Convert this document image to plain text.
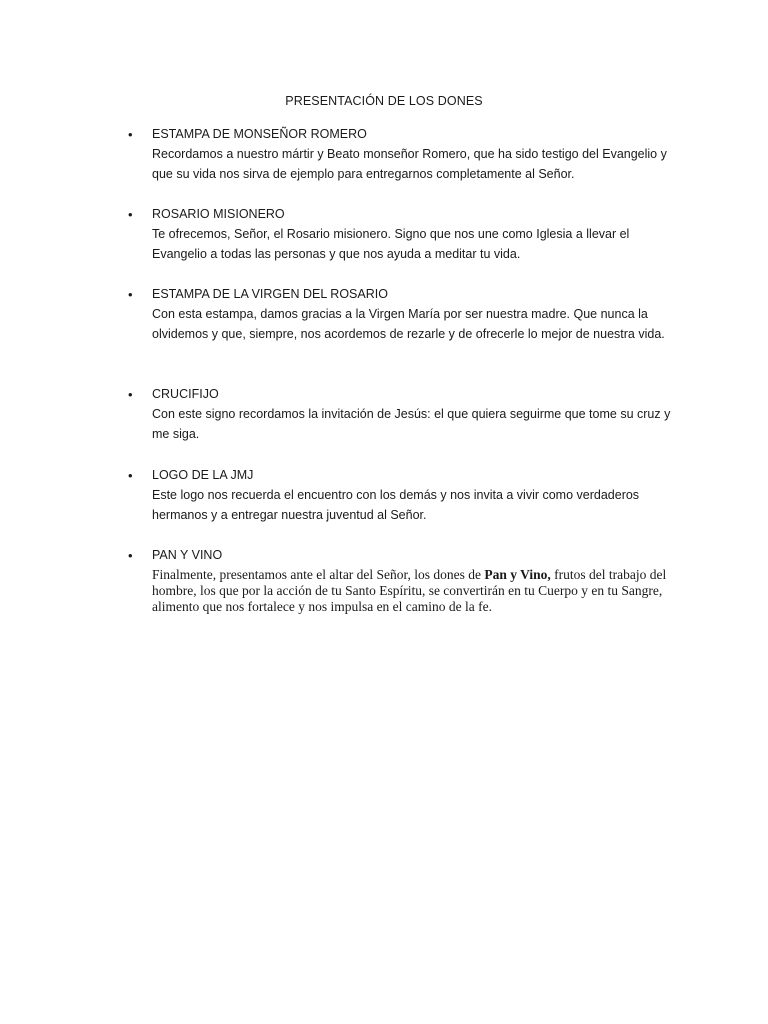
PRESENTACIÓN DE LOS DONES
•	ESTAMPA DE MONSEÑOR ROMERO
Recordamos a nuestro mártir y Beato monseñor Romero, que ha sido testigo del Evangelio y que su vida nos sirva de ejemplo para entregarnos completamente al Señor.
•	ROSARIO MISIONERO
Te ofrecemos, Señor, el Rosario misionero. Signo que nos une como Iglesia a llevar el Evangelio a todas las personas y que nos ayuda a meditar tu vida.
•	ESTAMPA DE LA VIRGEN DEL ROSARIO
Con esta estampa, damos gracias a la Virgen María por ser nuestra madre. Que nunca la olvidemos y que, siempre, nos acordemos de rezarle y de ofrecerle lo mejor de nuestra vida.
•	CRUCIFIJO
Con este signo recordamos la invitación de Jesús: el que quiera seguirme que tome su cruz y me siga.
•	LOGO DE LA JMJ
Este logo nos recuerda el encuentro con los demás y nos invita a vivir como verdaderos hermanos y a entregar nuestra juventud al Señor.
•	PAN Y VINO
Finalmente, presentamos ante el altar del Señor, los dones de Pan y Vino, frutos del trabajo del hombre, los que por la acción de tu Santo Espíritu, se convertirán en tu Cuerpo y en tu Sangre, alimento que nos fortalece y nos impulsa en el camino de la fe.
